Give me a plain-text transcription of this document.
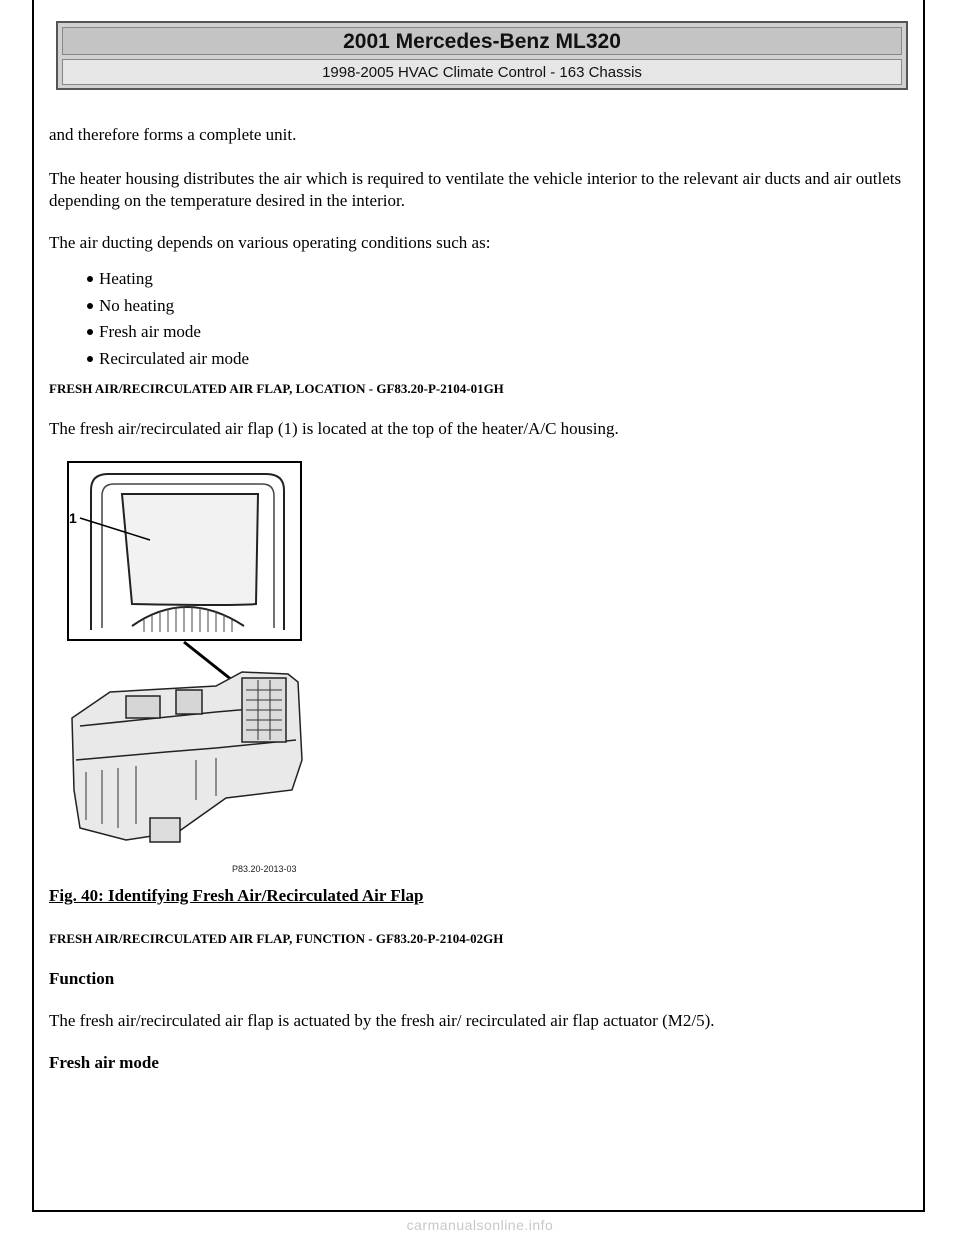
2001 Mercedes-Benz ML320
1998-2005 HVAC Climate Control - 163 Chassis

and therefore forms a complete unit.

The heater housing distributes the air which is required to ventilate the vehicle interior to the relevant air ducts and air outlets depending on the temperature desired in the interior.

The air ducting depends on various operating conditions such as:

Heating
No heating
Fresh air mode
Recirculated air mode
FRESH AIR/RECIRCULATED AIR FLAP, LOCATION - GF83.20-P-2104-01GH

The fresh air/recirculated air flap (1) is located at the top of the heater/A/C housing.

1
P83.20-2013-03
Fig. 40: Identifying Fresh Air/Recirculated Air Flap
FRESH AIR/RECIRCULATED AIR FLAP, FUNCTION - GF83.20-P-2104-02GH
Function

The fresh air/recirculated air flap is actuated by the fresh air/ recirculated air flap actuator (M2/5).

Fresh air mode

carmanualsonline.info
